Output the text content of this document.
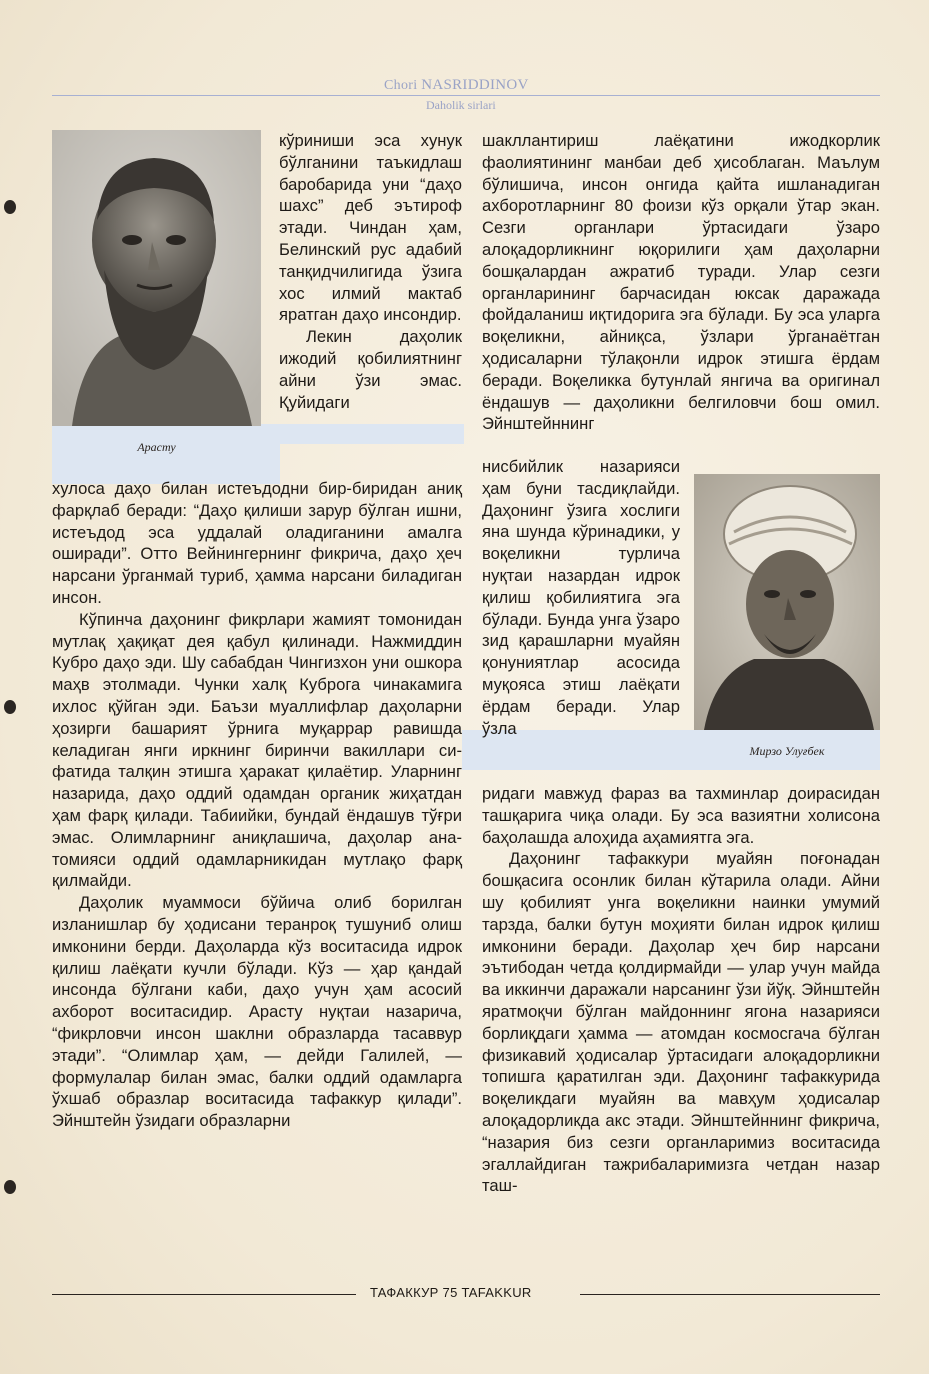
Chori NASRIDDINOV
Daholik sirlari
Арасту
Мирзо Улуғбек

кўриниши эса хунук бўлганини таъкидлаш баробарида уни “даҳо шахс” деб эътироф этади. Чиндан ҳам, Белинский рус адабий танқидчилигида ўзига хос илмий мактаб яратган даҳо инсондир.

Лекин даҳолик ижодий қобилиятнинг айни ўзи эмас. Қуйидаги

хулоса даҳо билан истеъдодни бир-биридан аниқ фарқлаб беради: “Даҳо қилиши зарур бўлган ишни, истеъдод эса уддалай оладиганини амалга оширади”. Отто Вейнингернинг фикрича, даҳо ҳеч нарсани ўрганмай туриб, ҳамма нарсани биладиган инсон.

Кўпинча даҳонинг фикрлари жамият томонидан мутлақ ҳақиқат дея қабул қилинади. Нажмиддин Кубро даҳо эди. Шу сабабдан Чингизхон уни ошкора маҳв этолмади. Чунки халқ Куброга чинакамига ихлос қўйган эди. Баъзи муаллифлар даҳоларни ҳозирги башарият ўрнига муқаррар равишда келадиган янги иркнинг биринчи вакиллари сифатида талқин этишга ҳаракат қилаётир. Уларнинг назарида, даҳо оддий одамдан органик жиҳатдан ҳам фарқ қилади. Табиийки, бундай ёндашув тўғри эмас. Олимларнинг аниқлашича, даҳолар анатомияси оддий одамларникидан мутлақо фарқ қилмайди.

Даҳолик муаммоси бўйича олиб борилган изланишлар бу ҳодисани теранроқ тушуниб олиш имконини берди. Даҳоларда кўз воситасида идрок қилиш лаёқати кучли бўлади. Кўз — ҳар қандай инсонда бўлгани каби, даҳо учун ҳам асосий ахборот воситасидир. Арасту нуқтаи назарича, “фикрловчи инсон шаклни образларда тасаввур этади”. “Олимлар ҳам, — дейди Галилей, — формулалар билан эмас, балки оддий одамларга ўхшаб образлар воситасида тафаккур қилади”. Эйнштейн ўзидаги образларни

шакллантириш лаёқатини ижодкорлик фаолиятининг манбаи деб ҳисоблаган. Маълум бўлишича, инсон онгида қайта ишланадиган ахборотларнинг 80 фоизи кўз орқали ўтар экан. Сезги органлари ўртасидаги ўзаро алоқадорликнинг юқорилиги ҳам даҳоларни бошқалардан ажратиб туради. Улар сезги органларининг барчасидан юксак даражада фойдаланиш иқтидорига эга бўлади. Бу эса уларга воқеликни, айниқса, ўзлари ўрганаётган ҳодисаларни тўлақонли идрок этишга ёрдам беради. Воқеликка бутунлай янгича ва оригинал ёндашув — даҳоликни белгиловчи бош омил. Эйнштейннинг

нисбийлик назарияси ҳам буни тасдиқлайди. Даҳонинг ўзига хослиги яна шунда кўринадики, у воқеликни турлича нуқтаи назардан идрок қилиш қобилиятига эга бўлади. Бунда унга ўзаро зид қарашларни муайян қонуниятлар асосида муқояса этиш лаёқати ёрдам беради. Улар ўзла

ридаги мавжуд фараз ва тахминлар доирасидан ташқарига чиқа олади. Бу эса вазиятни холисона баҳолашда алоҳида аҳамиятга эга.

Даҳонинг тафаккури муайян поғонадан бошқасига осонлик билан кўтарила олади. Айни шу қобилият унга воқеликни наинки умумий тарзда, балки бутун моҳияти билан идрок қилиш имконини беради. Даҳолар ҳеч бир нарсани эътибодан четда қолдирмайди — улар учун майда ва иккинчи даражали нарсанинг ўзи йўқ. Эйнштейн яратмоқчи бўлган майдоннинг ягона назарияси борлиқдаги ҳамма — атомдан космосгача бўлган физикавий ҳодисалар ўртасидаги алоқадорликни топишга қаратилган эди. Даҳонинг тафаккурида воқеликдаги муайян ва мавҳум ҳодисалар алоқадорликда акс этади. Эйнштейннинг фикрича, “назария биз сезги органларимиз воситасида эгаллайдиган тажрибаларимизга четдан назар таш-

ТАФАККУР 75 TAFAKKUR
